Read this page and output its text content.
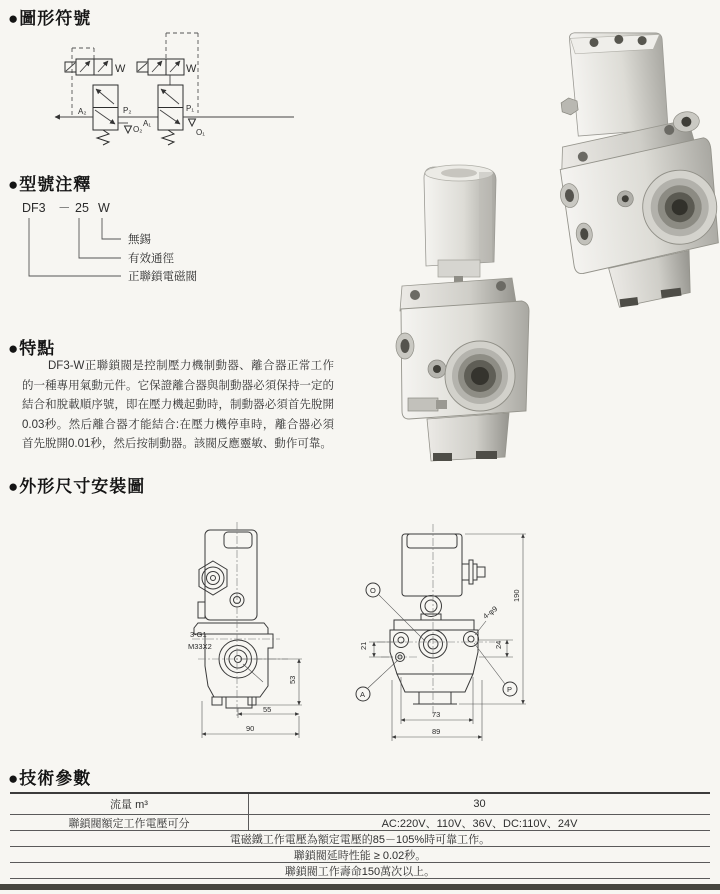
●圖形符號
●型號注釋
●特點
●外形尺寸安裝圖
●技術參數
W
A₂	P₂
O₂
W
A₁
P₁
O₁
DF3 － 25 W
無錫
有效通徑
正聯鎖電磁閥
DF3-W正聯鎖閥是控制壓力機制動器、離合器正常工作的一種專用氣動元件。它保證離合器與制動器必須保持一定的結合和脫載順序號，即在壓力機起動時，制動器必須首先脫開0.03秒。然后離合器才能結合:在壓力機停車時，離合器必須首先脫開0.01秒，然后按制動器。該閥反應靈敏、動作可靠。
3-G1
M33X2
53
55
90
O
A
P
4-φ9
190
21	24
73
89
流量 m³	30
聯鎖閥額定工作電壓可分	AC:220V、110V、36V、DC:110V、24V
電磁鐵工作電壓為額定電壓的85－105%時可靠工作。
聯鎖閥延時性能 ≥ 0.02秒。
聯鎖閥工作壽命150萬次以上。
